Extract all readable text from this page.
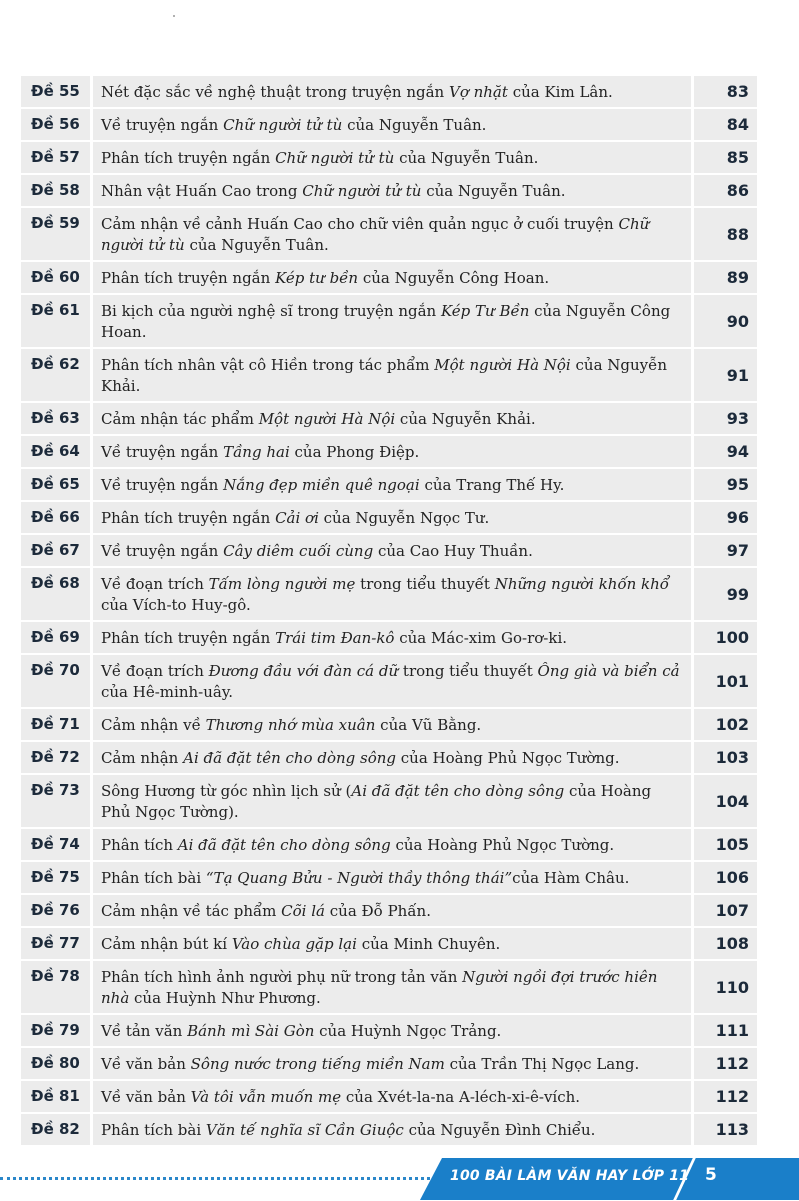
Đề 55	Nét đặc sắc về nghệ thuật trong truyện ngắn Vợ nhặt của Kim Lân.	83
Đề 56	Về truyện ngắn Chữ người tử tù của Nguyễn Tuân.	84
Đề 57	Phân tích truyện ngắn Chữ người tử tù của Nguyễn Tuân.	85
Đề 58	Nhân vật Huấn Cao trong Chữ người tử tù của Nguyễn Tuân.	86
Đề 59	Cảm nhận về cảnh Huấn Cao cho chữ viên quản ngục ở cuối truyện Chữ người tử tù của Nguyễn Tuân.	88
Đề 60	Phân tích truyện ngắn Kép tư bền của Nguyễn Công Hoan.	89
Đề 61	Bi kịch của người nghệ sĩ trong truyện ngắn Kép Tư Bền của Nguyễn Công Hoan.	90
Đề 62	Phân tích nhân vật cô Hiền trong tác phẩm Một người Hà Nội của Nguyễn Khải.	91
Đề 63	Cảm nhận tác phẩm Một người Hà Nội của Nguyễn Khải.	93
Đề 64	Về truyện ngắn Tầng hai của Phong Điệp.	94
Đề 65	Về truyện ngắn Nắng đẹp miền quê ngoại của Trang Thế Hy.	95
Đề 66	Phân tích truyện ngắn Cải ơi của Nguyễn Ngọc Tư.	96
Đề 67	Về truyện ngắn Cây diêm cuối cùng của Cao Huy Thuần.	97
Đề 68	Về đoạn trích Tấm lòng người mẹ trong tiểu thuyết Những người khốn khổ của Vích-to Huy-gô.	99
Đề 69	Phân tích truyện ngắn Trái tim Đan-kô của Mác-xim Go-rơ-ki.	100
Đề 70	Về đoạn trích Đương đầu với đàn cá dữ trong tiểu thuyết Ông già và biển cả của Hê-minh-uây.	101
Đề 71	Cảm nhận về Thương nhớ mùa xuân của Vũ Bằng.	102
Đề 72	Cảm nhận Ai đã đặt tên cho dòng sông của Hoàng Phủ Ngọc Tường.	103
Đề 73	Sông Hương từ góc nhìn lịch sử (Ai đã đặt tên cho dòng sông của Hoàng Phủ Ngọc Tường).	104
Đề 74	Phân tích Ai đã đặt tên cho dòng sông của Hoàng Phủ Ngọc Tường.	105
Đề 75	Phân tích bài “Tạ Quang Bửu - Người thầy thông thái”của Hàm Châu.	106
Đề 76	Cảm nhận về tác phẩm Cõi lá của Đỗ Phấn.	107
Đề 77	Cảm nhận bút kí Vào chùa gặp lại của Minh Chuyên.	108
Đề 78	Phân tích hình ảnh người phụ nữ trong tản văn Người ngồi đợi trước hiên nhà của Huỳnh Như Phương.	110
Đề 79	Về tản văn Bánh mì Sài Gòn của Huỳnh Ngọc Trảng.	111
Đề 80	Về văn bản Sông nước trong tiếng miền Nam của Trần Thị Ngọc Lang.	112
Đề 81	Về văn bản Và tôi vẫn muốn mẹ của Xvét-la-na A-léch-xi-ê-vích.	112
Đề 82	Phân tích bài Văn tế nghĩa sĩ Cần Giuộc của Nguyễn Đình Chiểu.	113
100 BÀI LÀM VĂN HAY LỚP 11 5
